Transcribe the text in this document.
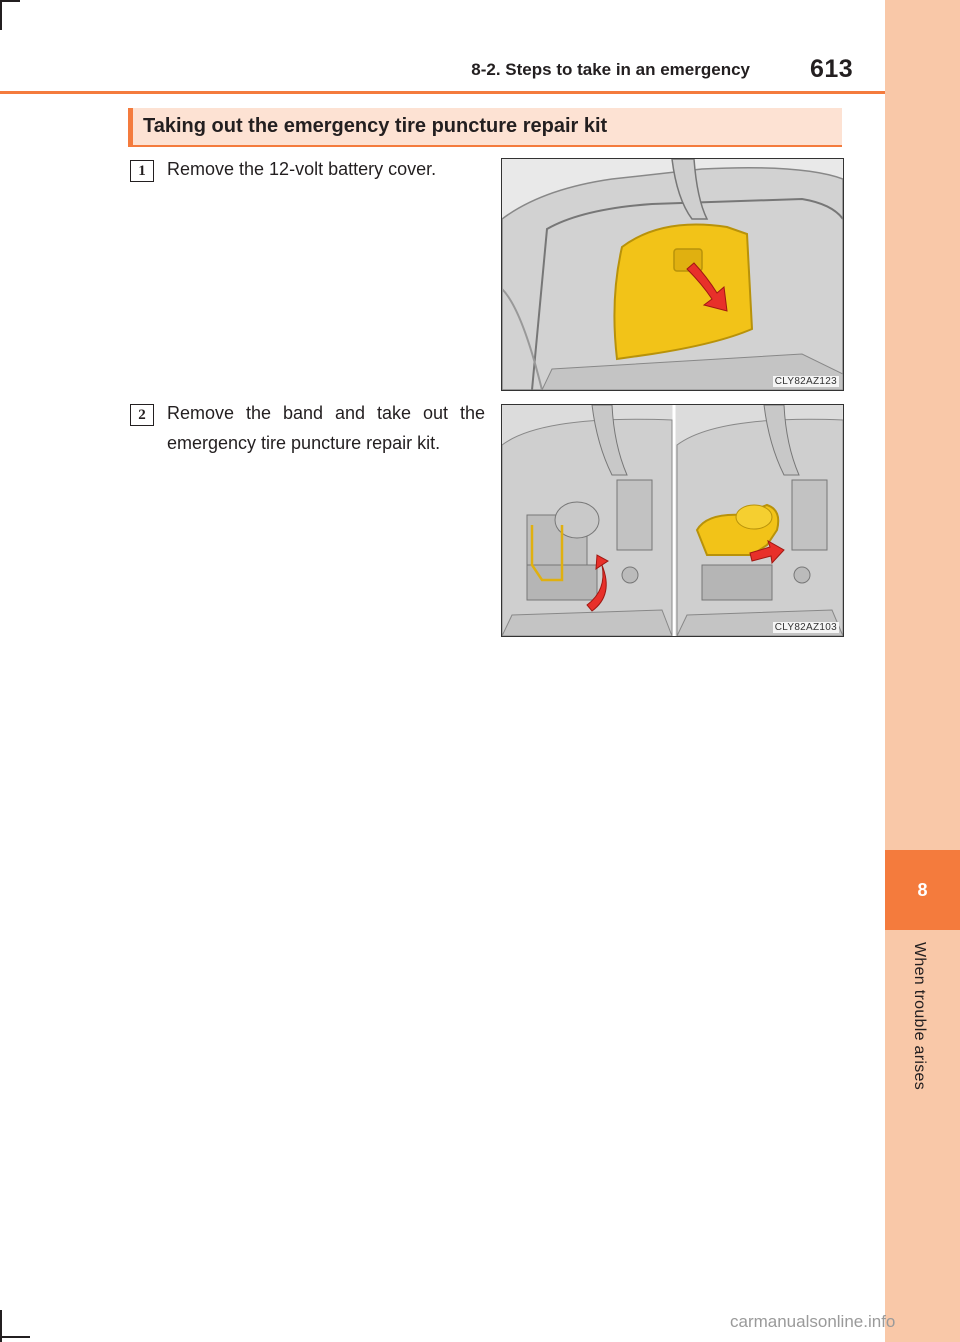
8
When trouble arises
8-2. Steps to take in an emergency 613
Taking out the emergency tire puncture repair kit
1	Remove the 12-volt battery cover.
CLY82AZ123
2	Remove the band and take out the emergency tire puncture repair kit.
CLY82AZ103
carmanualsonline.info
